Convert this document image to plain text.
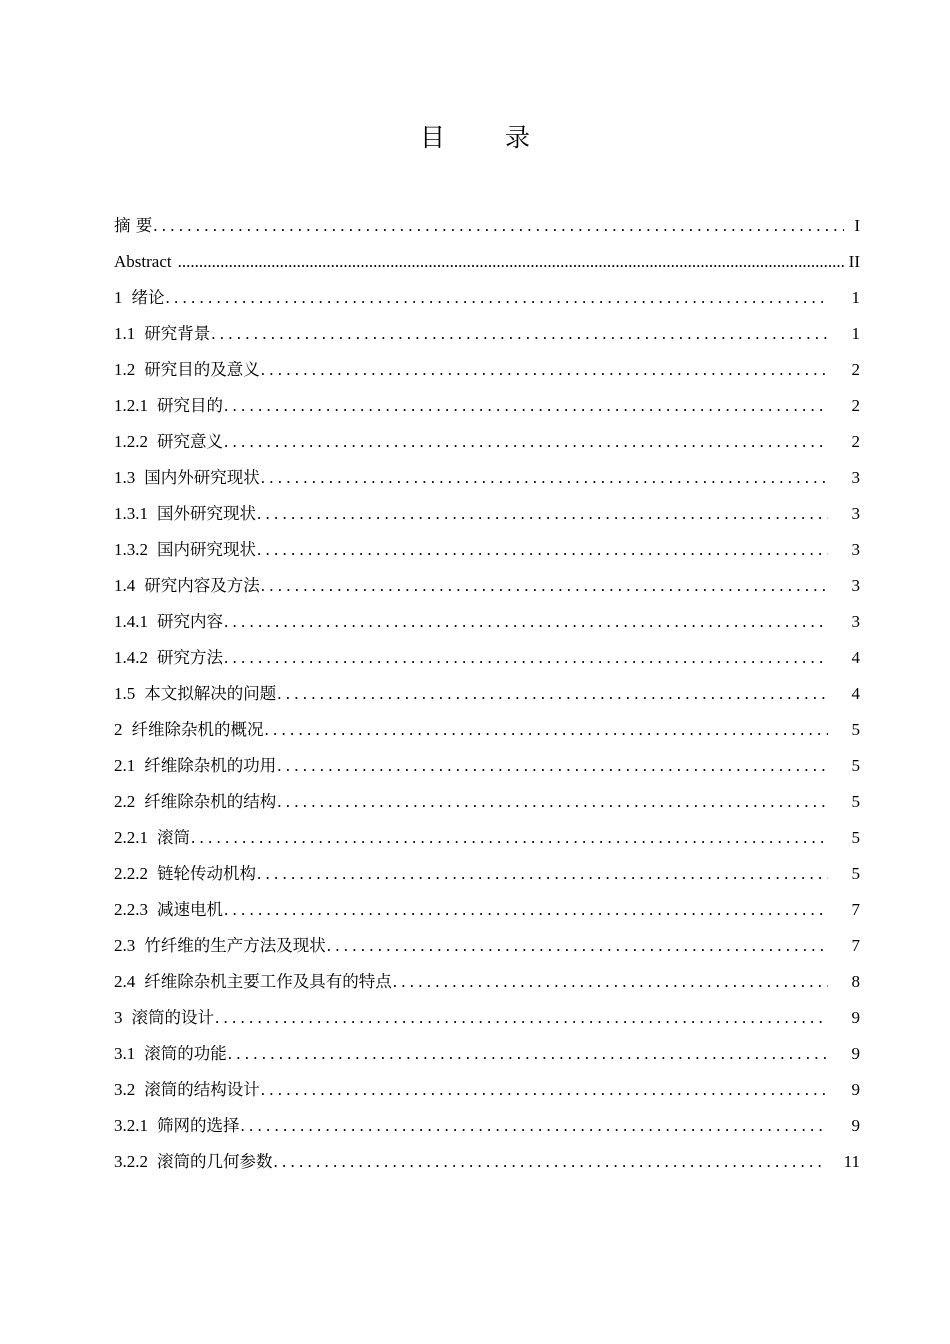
目 录
摘 要 . . .	I
Abstract .....	II
1 绪论 . . .	1
1.1 研究背景 . . .	1
1.2 研究目的及意义 . . .	2
1.2.1 研究目的 . . .	2
1.2.2 研究意义 . . .	2
1.3 国内外研究现状 . . .	3
1.3.1 国外研究现状 . . .	3
1.3.2 国内研究现状 . . .	3
1.4 研究内容及方法 . . .	3
1.4.1 研究内容 . . .	3
1.4.2 研究方法 . . .	4
1.5 本文拟解决的问题 . . .	4
2 纤维除杂机的概况 . . .	5
2.1 纤维除杂机的功用 . . .	5
2.2 纤维除杂机的结构 . . .	5
2.2.1 滚筒 . . .	5
2.2.2 链轮传动机构 . . .	5
2.2.3 减速电机 . . .	7
2.3 竹纤维的生产方法及现状 . . .	7
2.4 纤维除杂机主要工作及具有的特点 . . .	8
3 滚筒的设计 . . .	9
3.1 滚筒的功能 . . .	9
3.2 滚筒的结构设计 . . .	9
3.2.1 筛网的选择 . . .	9
3.2.2 滚筒的几何参数 . . .	11
